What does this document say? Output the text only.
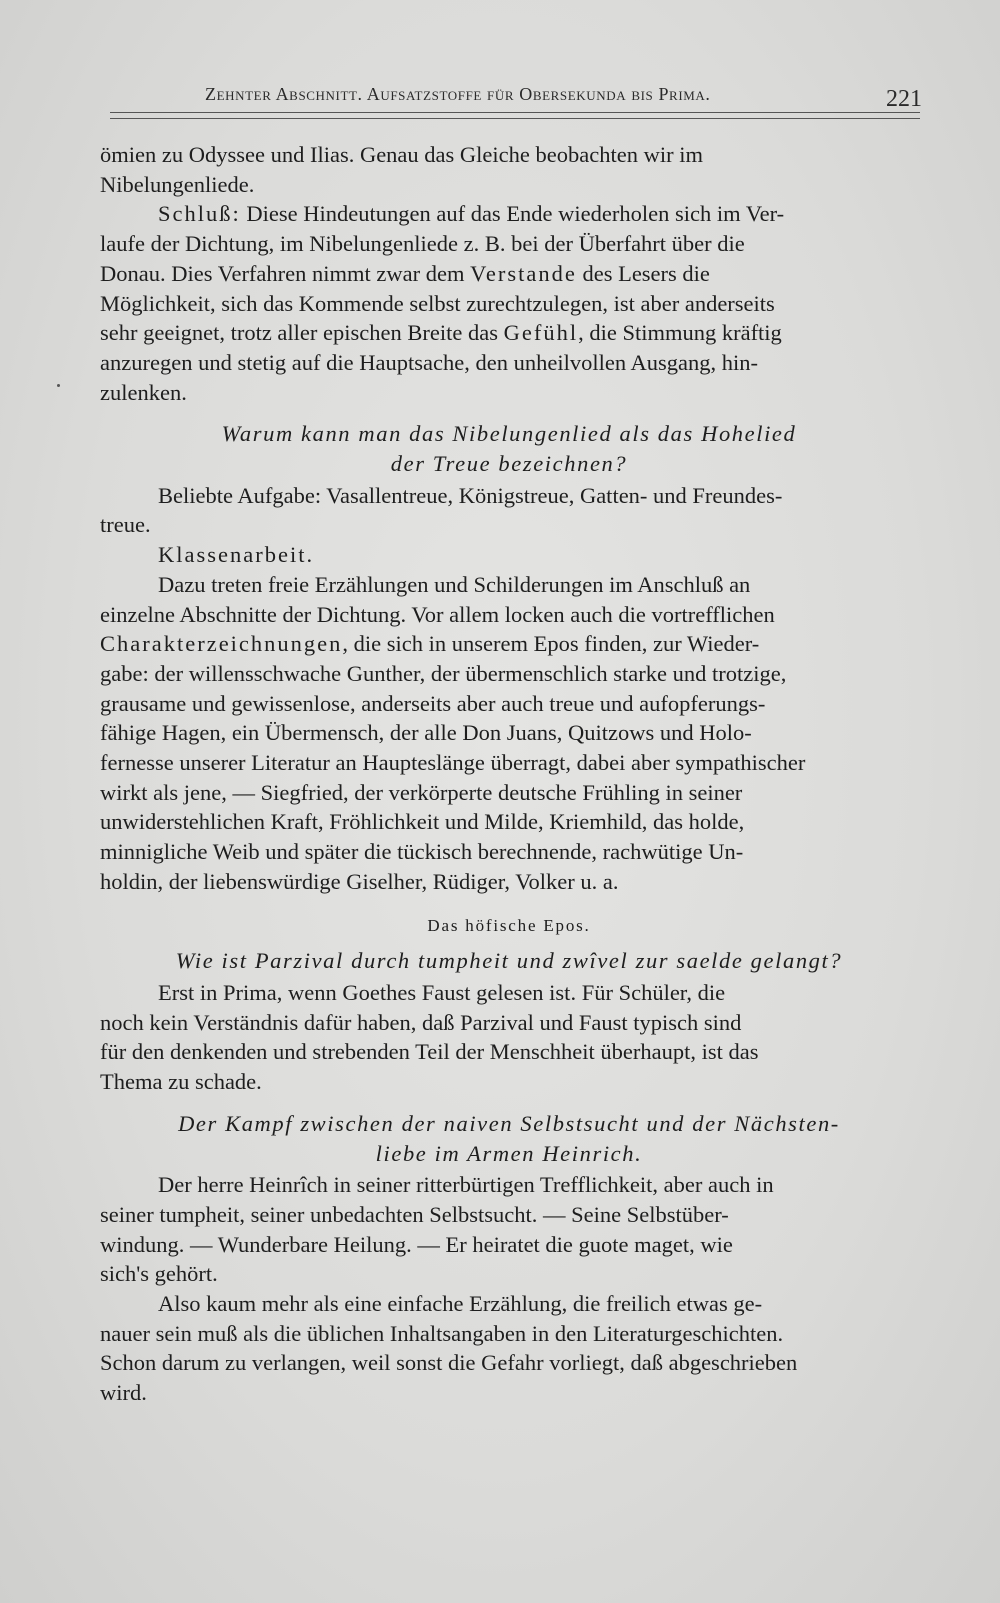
Zehnter Abschnitt. Aufsatzstoffe für Obersekunda bis Prima.	221

ömien zu Odyssee und Ilias. Genau das Gleiche beobachten wir im
Nibelungenliede.

Schluß: Diese Hindeutungen auf das Ende wiederholen sich im Ver-
laufe der Dichtung, im Nibelungenliede z. B. bei der Überfahrt über die
Donau. Dies Verfahren nimmt zwar dem Verstande des Lesers die
Möglichkeit, sich das Kommende selbst zurechtzulegen, ist aber anderseits
sehr geeignet, trotz aller epischen Breite das Gefühl, die Stimmung kräftig
anzuregen und stetig auf die Hauptsache, den unheilvollen Ausgang, hin-
zulenken.

Warum kann man das Nibelungenlied als das Hohelied
der Treue bezeichnen?

Beliebte Aufgabe: Vasallentreue, Königstreue, Gatten- und Freundes-
treue.

Klassenarbeit.

Dazu treten freie Erzählungen und Schilderungen im Anschluß an
einzelne Abschnitte der Dichtung. Vor allem locken auch die vortrefflichen
Charakterzeichnungen, die sich in unserem Epos finden, zur Wieder-
gabe: der willensschwache Gunther, der übermenschlich starke und trotzige,
grausame und gewissenlose, anderseits aber auch treue und aufopferungs-
fähige Hagen, ein Übermensch, der alle Don Juans, Quitzows und Holo-
fernesse unserer Literatur an Haupteslänge überragt, dabei aber sympathischer
wirkt als jene, — Siegfried, der verkörperte deutsche Frühling in seiner
unwiderstehlichen Kraft, Fröhlichkeit und Milde, Kriemhild, das holde,
minnigliche Weib und später die tückisch berechnende, rachwütige Un-
holdin, der liebenswürdige Giselher, Rüdiger, Volker u. a.

Das höfische Epos.

Wie ist Parzival durch tumpheit und zwîvel zur saelde gelangt?

Erst in Prima, wenn Goethes Faust gelesen ist. Für Schüler, die
noch kein Verständnis dafür haben, daß Parzival und Faust typisch sind
für den denkenden und strebenden Teil der Menschheit überhaupt, ist das
Thema zu schade.

Der Kampf zwischen der naiven Selbstsucht und der Nächsten-
liebe im Armen Heinrich.

Der herre Heinrîch in seiner ritterbürtigen Trefflichkeit, aber auch in
seiner tumpheit, seiner unbedachten Selbstsucht. — Seine Selbstüber-
windung. — Wunderbare Heilung. — Er heiratet die guote maget, wie
sich's gehört.

Also kaum mehr als eine einfache Erzählung, die freilich etwas ge-
nauer sein muß als die üblichen Inhaltsangaben in den Literaturgeschichten.
Schon darum zu verlangen, weil sonst die Gefahr vorliegt, daß abgeschrieben
wird.
